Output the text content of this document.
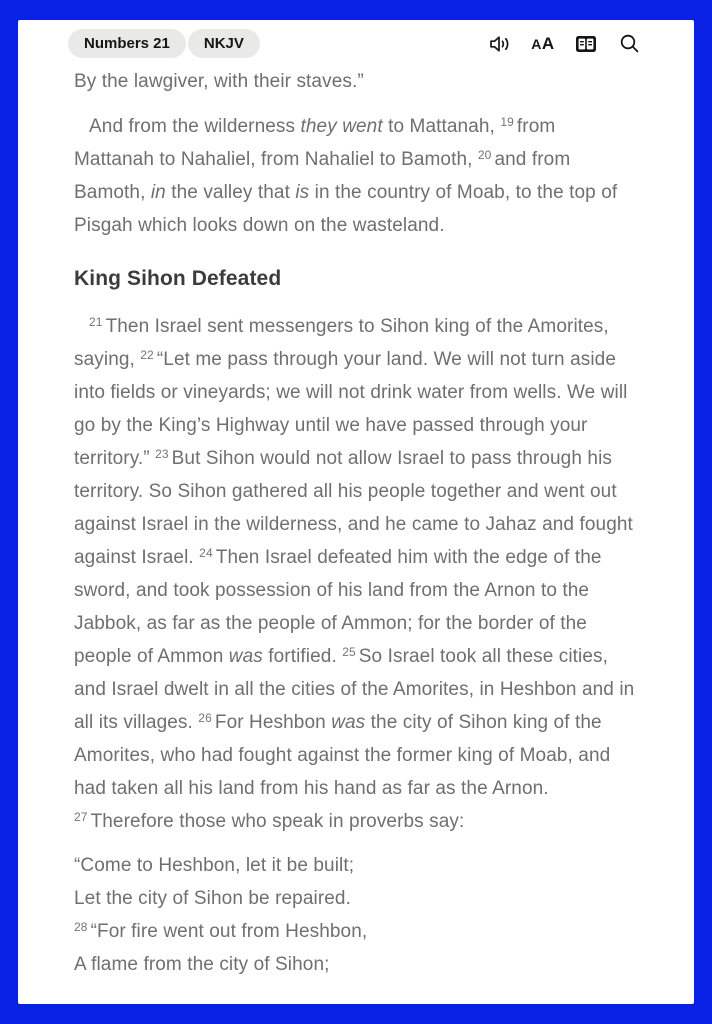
Numbers 21	NKJV	A A
By the lawgiver, with their staves.”

And from the wilderness they went to Mattanah, $^{19}$ from Mattanah to Nahaliel, from Nahaliel to Bamoth, $^{20}$ and from Bamoth, in the valley that is in the country of Moab, to the top of Pisgah which looks down on the wasteland.

King Sihon Defeated

$^{21}$ Then Israel sent messengers to Sihon king of the Amorites, saying, $^{22}$ “Let me pass through your land. We will not turn aside into fields or vineyards; we will not drink water from wells. We will go by the King’s Highway until we have passed through your territory.” $^{23}$ But Sihon would not allow Israel to pass through his territory. So Sihon gathered all his people together and went out against Israel in the wilderness, and he came to Jahaz and fought against Israel. $^{24}$ Then Israel defeated him with the edge of the sword, and took possession of his land from the Arnon to the Jabbok, as far as the people of Ammon; for the border of the people of Ammon was fortified. $^{25}$ So Israel took all these cities, and Israel dwelt in all the cities of the Amorites, in Heshbon and in all its villages. $^{26}$ For Heshbon was the city of Sihon king of the Amorites, who had fought against the former king of Moab, and had taken all his land from his hand as far as the Arnon. $^{27}$ Therefore those who speak in proverbs say:

“Come to Heshbon, let it be built;
Let the city of Sihon be repaired.
$^{28}$ “For fire went out from Heshbon,
A flame from the city of Sihon;
